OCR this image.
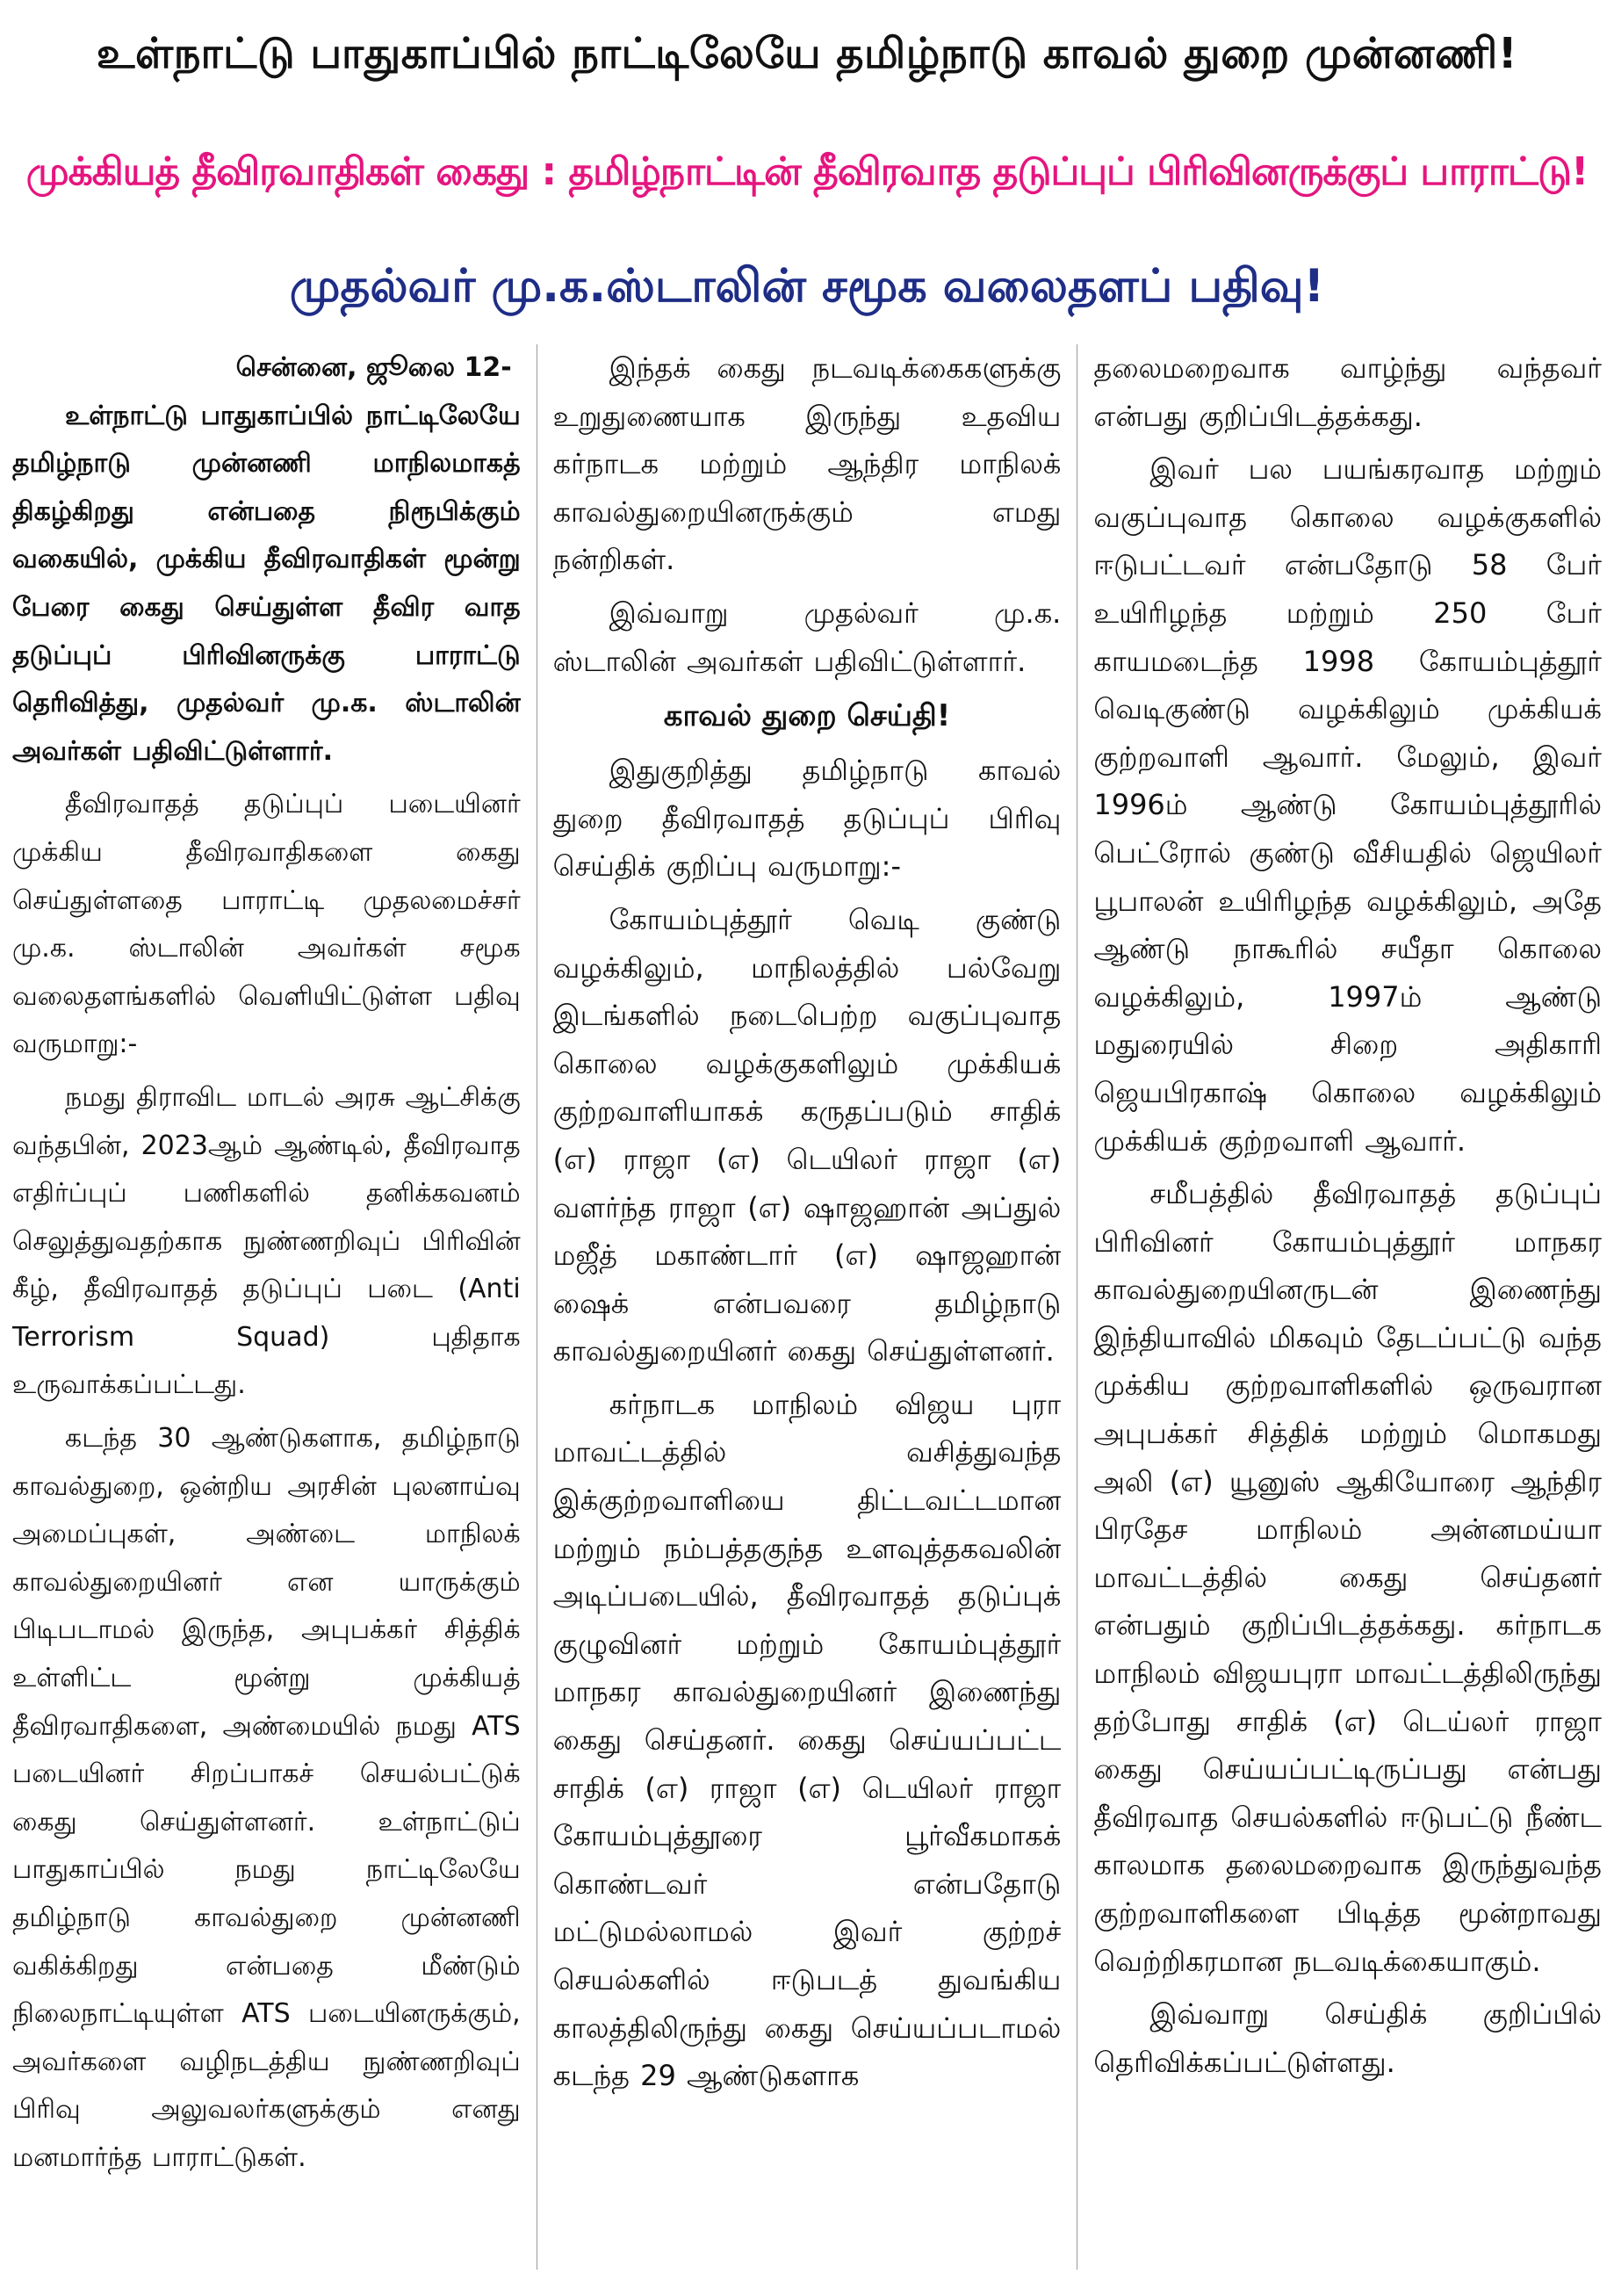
உள்நாட்டு பாதுகாப்பில் நாட்டிலேயே தமிழ்நாடு காவல் துறை முன்னணி!
முக்கியத் தீவிரவாதிகள் கைது : தமிழ்நாட்டின் தீவிரவாத தடுப்புப் பிரிவினருக்குப் பாராட்டு!
முதல்வர் மு.க.ஸ்டாலின் சமூக வலைதளப் பதிவு!
சென்னை, ஜூலை 12-

உள்நாட்டு பாதுகாப்பில் நாட்டிலேயே தமிழ்நாடு முன்னணி மாநிலமாகத் திகழ்கிறது என்பதை நிரூபிக்கும் வகையில், முக்கிய தீவிரவாதிகள் மூன்று பேரை கைது செய்துள்ள தீவிர வாத தடுப்புப் பிரிவினருக்கு பாராட்டு தெரிவித்து, முதல்வர் மு.க. ஸ்டாலின் அவர்கள் பதிவிட்டுள்ளார்.

தீவிரவாதத் தடுப்புப் படையினர் முக்கிய தீவிரவாதிகளை கைது செய்துள்ளதை பாராட்டி முதலமைச்சர் மு.க. ஸ்டாலின் அவர்கள் சமூக வலைதளங்களில் வெளியிட்டுள்ள பதிவு வருமாறு:-

நமது திராவிட மாடல் அரசு ஆட்சிக்கு வந்தபின், 2023ஆம் ஆண்டில், தீவிரவாத எதிர்ப்புப் பணிகளில் தனிக்கவனம் செலுத்துவதற்காக நுண்ணறிவுப் பிரிவின் கீழ், தீவிரவாதத் தடுப்புப் படை (Anti Terrorism Squad) புதிதாக உருவாக்கப்பட்டது.

கடந்த 30 ஆண்டுகளாக, தமிழ்நாடு காவல்துறை, ஒன்றிய அரசின் புலனாய்வு அமைப்புகள், அண்டை மாநிலக் காவல்துறையினர் என யாருக்கும் பிடிபடாமல் இருந்த, அபுபக்கர் சித்திக் உள்ளிட்ட மூன்று முக்கியத் தீவிரவாதிகளை, அண்மையில் நமது ATS படையினர் சிறப்பாகச் செயல்பட்டுக் கைது செய்துள்ளனர். உள்நாட்டுப் பாதுகாப்பில் நமது நாட்டிலேயே தமிழ்நாடு காவல்துறை முன்னணி வகிக்கிறது என்பதை மீண்டும் நிலைநாட்டியுள்ள ATS படையினருக்கும், அவர்களை வழிநடத்திய நுண்ணறிவுப் பிரிவு அலுவலர்களுக்கும் எனது மனமார்ந்த பாராட்டுகள்.

இந்தக் கைது நடவடிக்கைகளுக்கு உறுதுணையாக இருந்து உதவிய கர்நாடக மற்றும் ஆந்திர மாநிலக் காவல்துறையினருக்கும் எமது நன்றிகள்.

இவ்வாறு முதல்வர் மு.க. ஸ்டாலின் அவர்கள் பதிவிட்டுள்ளார்.

காவல் துறை செய்தி!

இதுகுறித்து தமிழ்நாடு காவல் துறை தீவிரவாதத் தடுப்புப் பிரிவு செய்திக் குறிப்பு வருமாறு:-

கோயம்புத்தூர் வெடி குண்டு வழக்கிலும், மாநிலத்தில் பல்வேறு இடங்களில் நடைபெற்ற வகுப்புவாத கொலை வழக்குகளிலும் முக்கியக் குற்றவாளியாகக் கருதப்படும் சாதிக் (எ) ராஜா (எ) டெயிலர் ராஜா (எ) வளர்ந்த ராஜா (எ) ஷாஜஹான் அப்துல் மஜீத் மகாண்டார் (எ) ஷாஜஹான் ஷைக் என்பவரை தமிழ்நாடு காவல்துறையினர் கைது செய்துள்ளனர்.

கர்நாடக மாநிலம் விஜய புரா மாவட்டத்தில் வசித்துவந்த இக்குற்றவாளியை திட்டவட்டமான மற்றும் நம்பத்தகுந்த உளவுத்தகவலின் அடிப்படையில், தீவிரவாதத் தடுப்புக் குழுவினர் மற்றும் கோயம்புத்தூர் மாநகர காவல்துறையினர் இணைந்து கைது செய்தனர். கைது செய்யப்பட்ட சாதிக் (எ) ராஜா (எ) டெயிலர் ராஜா கோயம்புத்தூரை பூர்வீகமாகக் கொண்டவர் என்பதோடு மட்டுமல்லாமல் இவர் குற்றச் செயல்களில் ஈடுபடத் துவங்கிய காலத்திலிருந்து கைது செய்யப்படாமல் கடந்த 29 ஆண்டுகளாக

தலைமறைவாக வாழ்ந்து வந்தவர் என்பது குறிப்பிடத்தக்கது.

இவர் பல பயங்கரவாத மற்றும் வகுப்புவாத கொலை வழக்குகளில் ஈடுபட்டவர் என்பதோடு 58 பேர் உயிரிழந்த மற்றும் 250 பேர் காயமடைந்த 1998 கோயம்புத்தூர் வெடிகுண்டு வழக்கிலும் முக்கியக் குற்றவாளி ஆவார். மேலும், இவர் 1996ம் ஆண்டு கோயம்புத்தூரில் பெட்ரோல் குண்டு வீசியதில் ஜெயிலர் பூபாலன் உயிரிழந்த வழக்கிலும், அதே ஆண்டு நாகூரில் சயீதா கொலை வழக்கிலும், 1997ம் ஆண்டு மதுரையில் சிறை அதிகாரி ஜெயபிரகாஷ் கொலை வழக்கிலும் முக்கியக் குற்றவாளி ஆவார்.

சமீபத்தில் தீவிரவாதத் தடுப்புப் பிரிவினர் கோயம்புத்தூர் மாநகர காவல்துறையினருடன் இணைந்து இந்தியாவில் மிகவும் தேடப்பட்டு வந்த முக்கிய குற்றவாளிகளில் ஒருவரான அபுபக்கர் சித்திக் மற்றும் மொகமது அலி (எ) யூனுஸ் ஆகியோரை ஆந்திர பிரதேச மாநிலம் அன்னமய்யா மாவட்டத்தில் கைது செய்தனர் என்பதும் குறிப்பிடத்தக்கது. கர்நாடக மாநிலம் விஜயபுரா மாவட்டத்திலிருந்து தற்போது சாதிக் (எ) டெய்லர் ராஜா கைது செய்யப்பட்டிருப்பது என்பது தீவிரவாத செயல்களில் ஈடுபட்டு நீண்ட காலமாக தலைமறைவாக இருந்துவந்த குற்றவாளிகளை பிடித்த மூன்றாவது வெற்றிகரமான நடவடிக்கையாகும்.

இவ்வாறு செய்திக் குறிப்பில் தெரிவிக்கப்பட்டுள்ளது.
